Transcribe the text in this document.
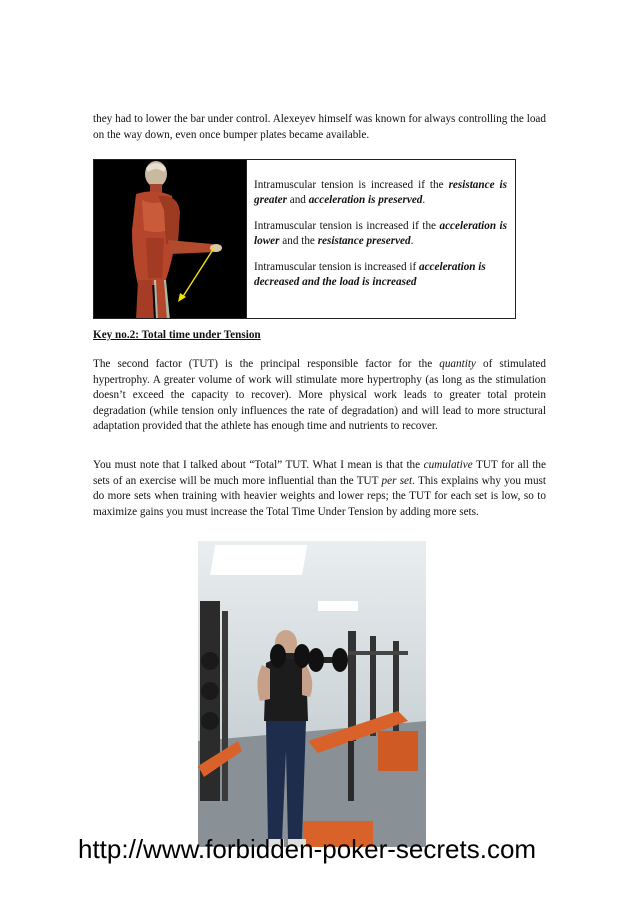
they had to lower the bar under control. Alexeyev himself was known for always controlling the load on the way down, even once bumper plates became available.

Intramuscular tension is increased if the resistance is greater and acceleration is preserved.

Intramuscular tension is increased if the acceleration is lower and the resistance preserved.

Intramuscular tension is increased if acceleration is decreased and the load is increased

Key no.2: Total time under Tension

The second factor (TUT) is the principal responsible factor for the quantity of stimulated hypertrophy. A greater volume of work will stimulate more hypertrophy (as long as the stimulation doesn’t exceed the capacity to recover). More physical work leads to greater total protein degradation (while tension only influences the rate of degradation) and will lead to more structural adaptation provided that the athlete has enough time and nutrients to recover.

You must note that I talked about “Total” TUT. What I mean is that the cumulative TUT for all the sets of an exercise will be much more influential than the TUT per set. This explains why you must do more sets when training with heavier weights and lower reps; the TUT for each set is low, so to maximize gains you must increase the Total Time Under Tension by adding more sets.

http://www.forbidden-poker-secrets.com
